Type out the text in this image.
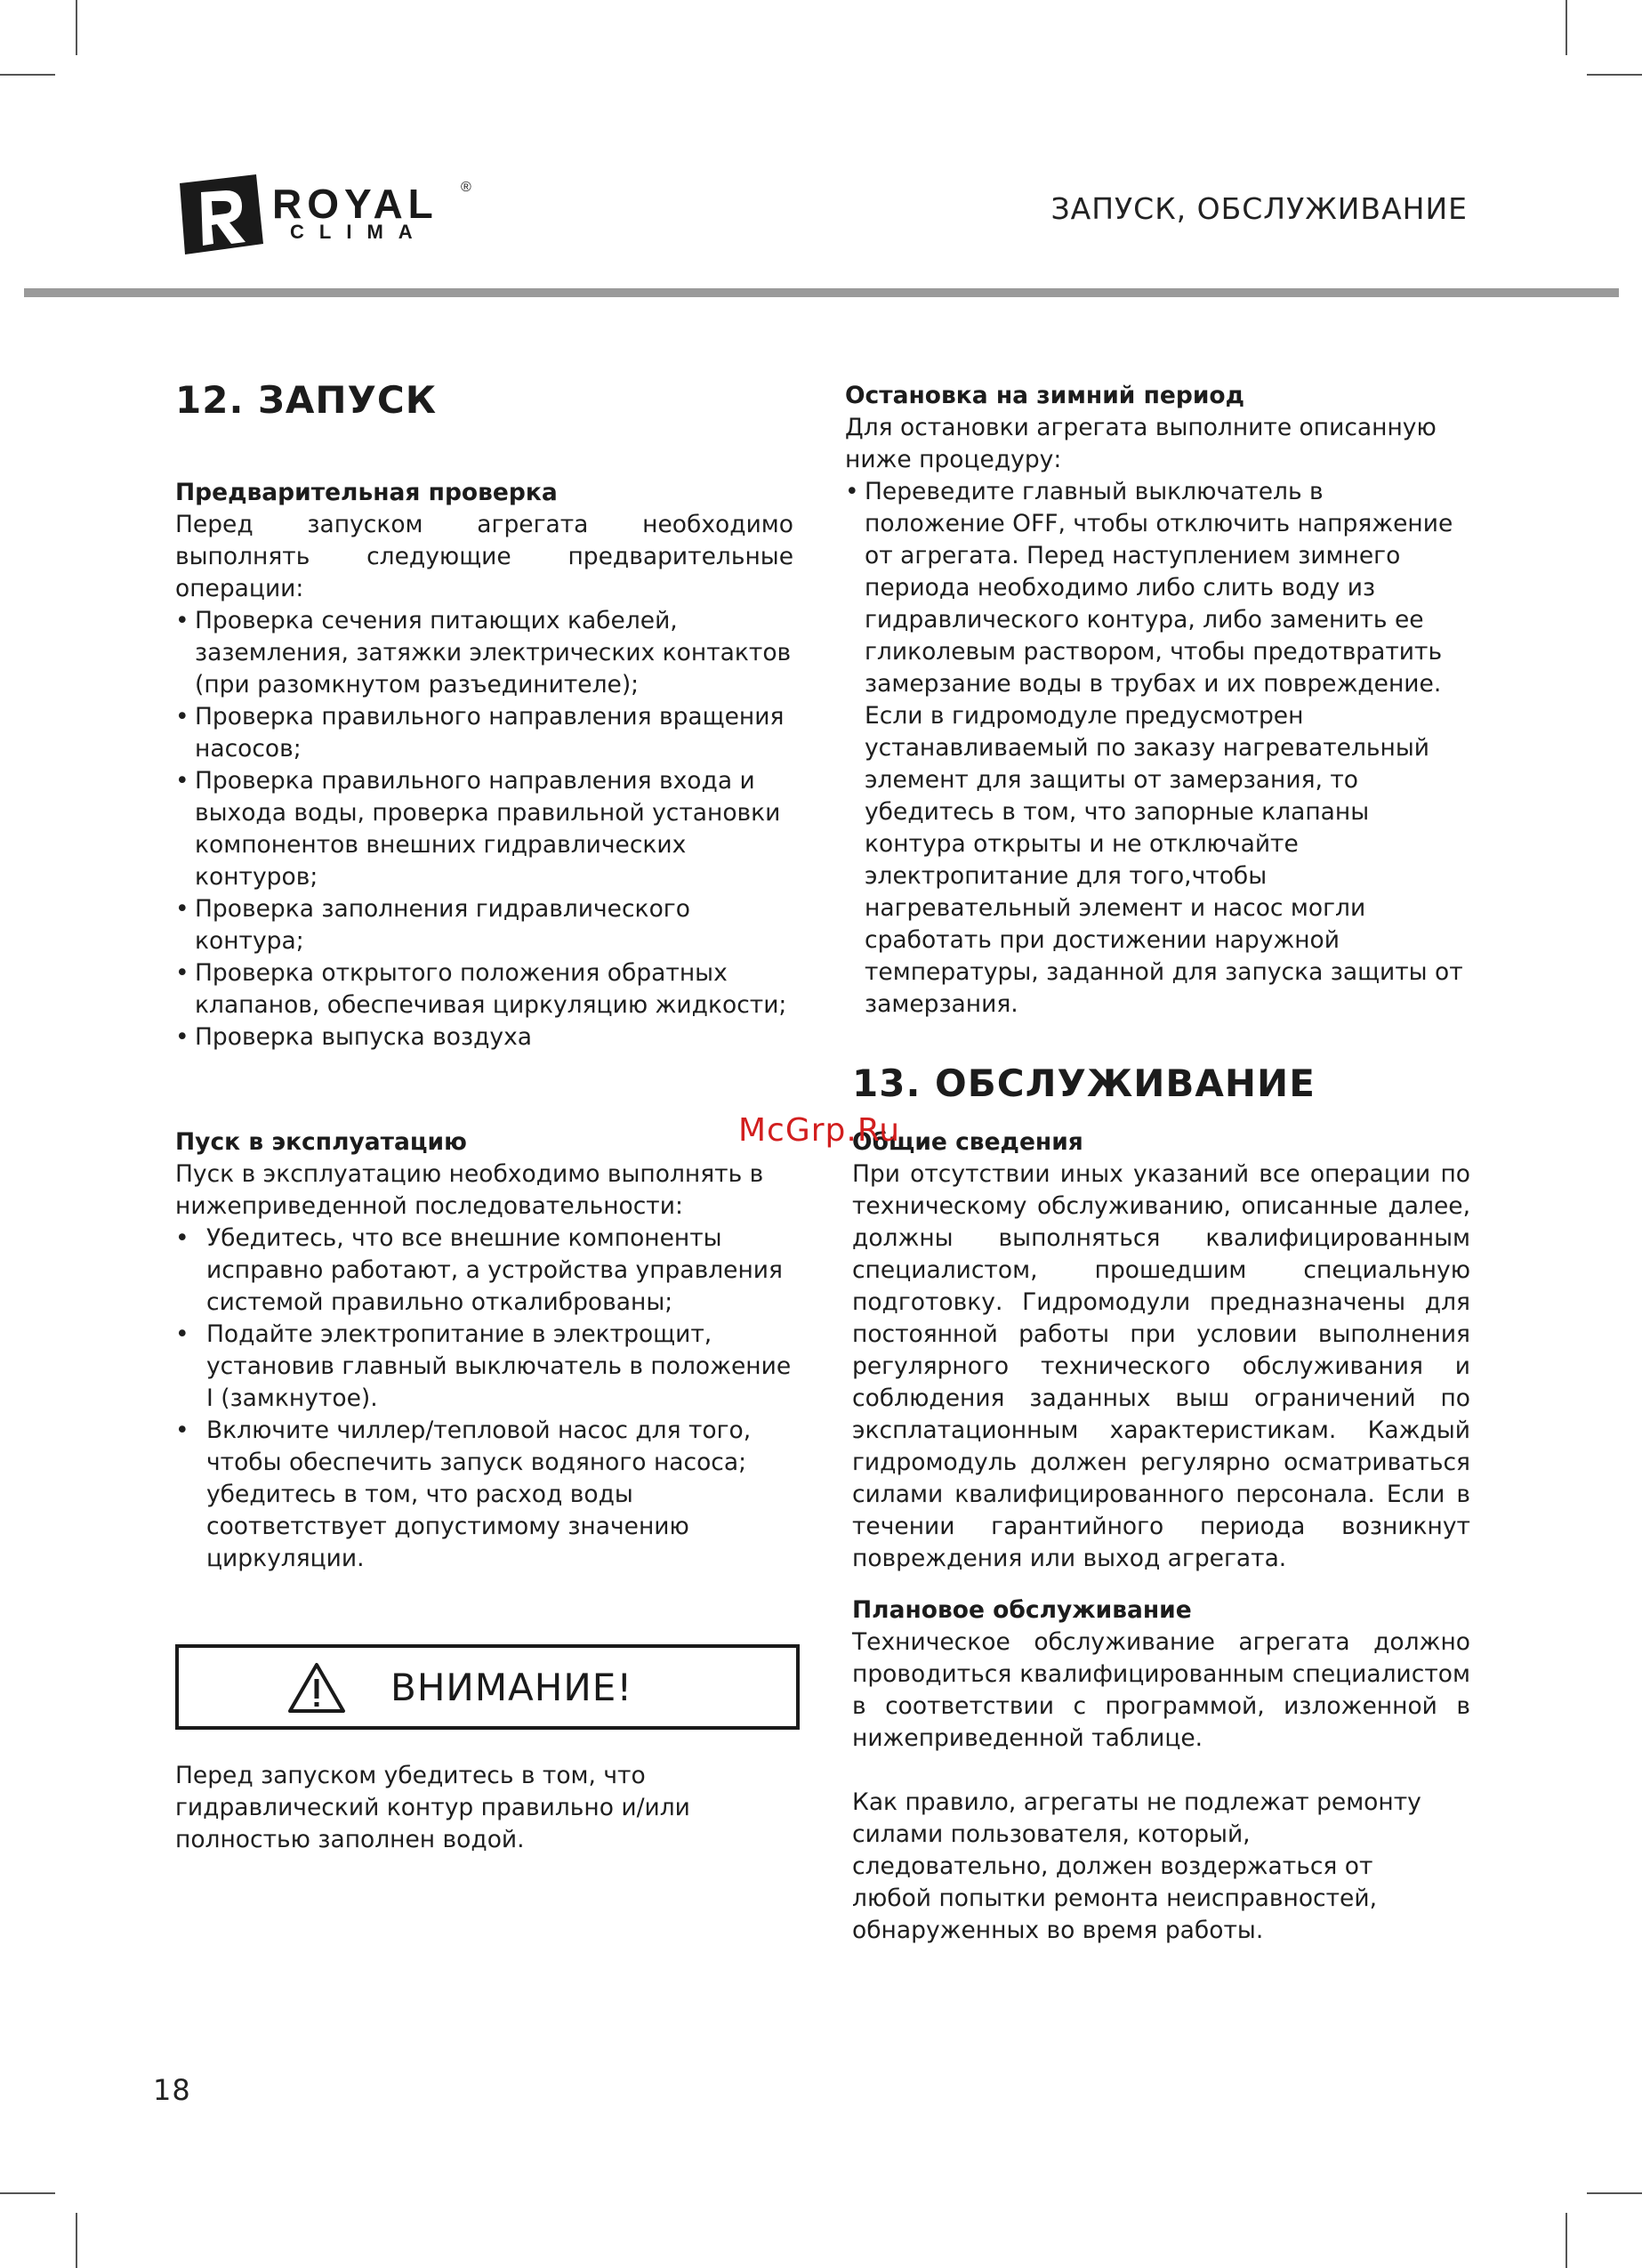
ROYAL ®
CLIMA
ЗАПУСК, ОБСЛУЖИВАНИЕ
12. ЗАПУСК

Предварительная проверка

Перед запуском агрегата необходимо выполнять следующие предварительные операции:

• Проверка сечения питающих кабелей, заземления, затяжки электрических контактов (при разомкнутом разъединителе);
• Проверка правильного направления вращения насосов;
• Проверка правильного направления входа и выхода воды, проверка правильной установки компонентов внешних гидравлических контуров;
• Проверка заполнения гидравлического контура;
• Проверка открытого положения обратных клапанов, обеспечивая циркуляцию жидкости;
• Проверка выпуска воздуха

Пуск в эксплуатацию

Пуск в эксплуатацию необходимо выполнять в нижеприведенной последовательности:

• Убедитесь, что все внешние компоненты исправно работают, а устройства управления системой правильно откалиброваны;
• Подайте электропитание в электрощит, установив главный выключатель в положение I (замкнутое).
• Включите чиллер/тепловой насос для того, чтобы обеспечить запуск водяного насоса; убедитесь в том, что расход воды соответствует допустимому значению циркуляции.
ВНИМАНИЕ!

Перед запуском убедитесь в том, что гидравлический контур правильно и/или полностью заполнен водой.

Остановка на зимний период

Для остановки агрегата выполните описанную ниже процедуру:

• Переведите главный выключатель в положение OFF, чтобы отключить напряжение от агрегата. Перед наступлением зимнего периода необходимо либо слить воду из гидравлического контура, либо заменить ее гликолевым раствором, чтобы предотвратить замерзание воды в трубах и их повреждение. Если в гидромодуле предусмотрен устанавливаемый по заказу нагревательный элемент для защиты от замерзания, то убедитесь в том, что запорные клапаны контура открыты и не отключайте электропитание для того,чтобы нагревательный элемент и насос могли сработать при достижении наружной температуры, заданной для запуска защиты от замерзания.
13. ОБСЛУЖИВАНИЕ

Общие сведения

При отсутствии иных указаний все операции по техническому обслуживанию, описанные далее, должны выполняться квалифицированным специалистом, прошедшим специальную подготовку. Гидромодули предназначены для постоянной работы при условии выполнения регулярного технического обслуживания и соблюдения заданных выш ограничений по эксплатационным характеристикам. Каждый гидромодуль должен регулярно осматриваться силами квалифицированного персонала. Если в течении гарантийного периода возникнут повреждения или выход агрегата.

Плановое обслуживание

Техническое обслуживание агрегата должно проводиться квалифицированным специалистом в соответствии с программой, изложенной в нижеприведенной таблице.

Как правило, агрегаты не подлежат ремонту силами пользователя, который, следовательно, должен воздержаться от любой попытки ремонта неисправностей, обнаруженных во время работы.

McGrp.Ru
18
